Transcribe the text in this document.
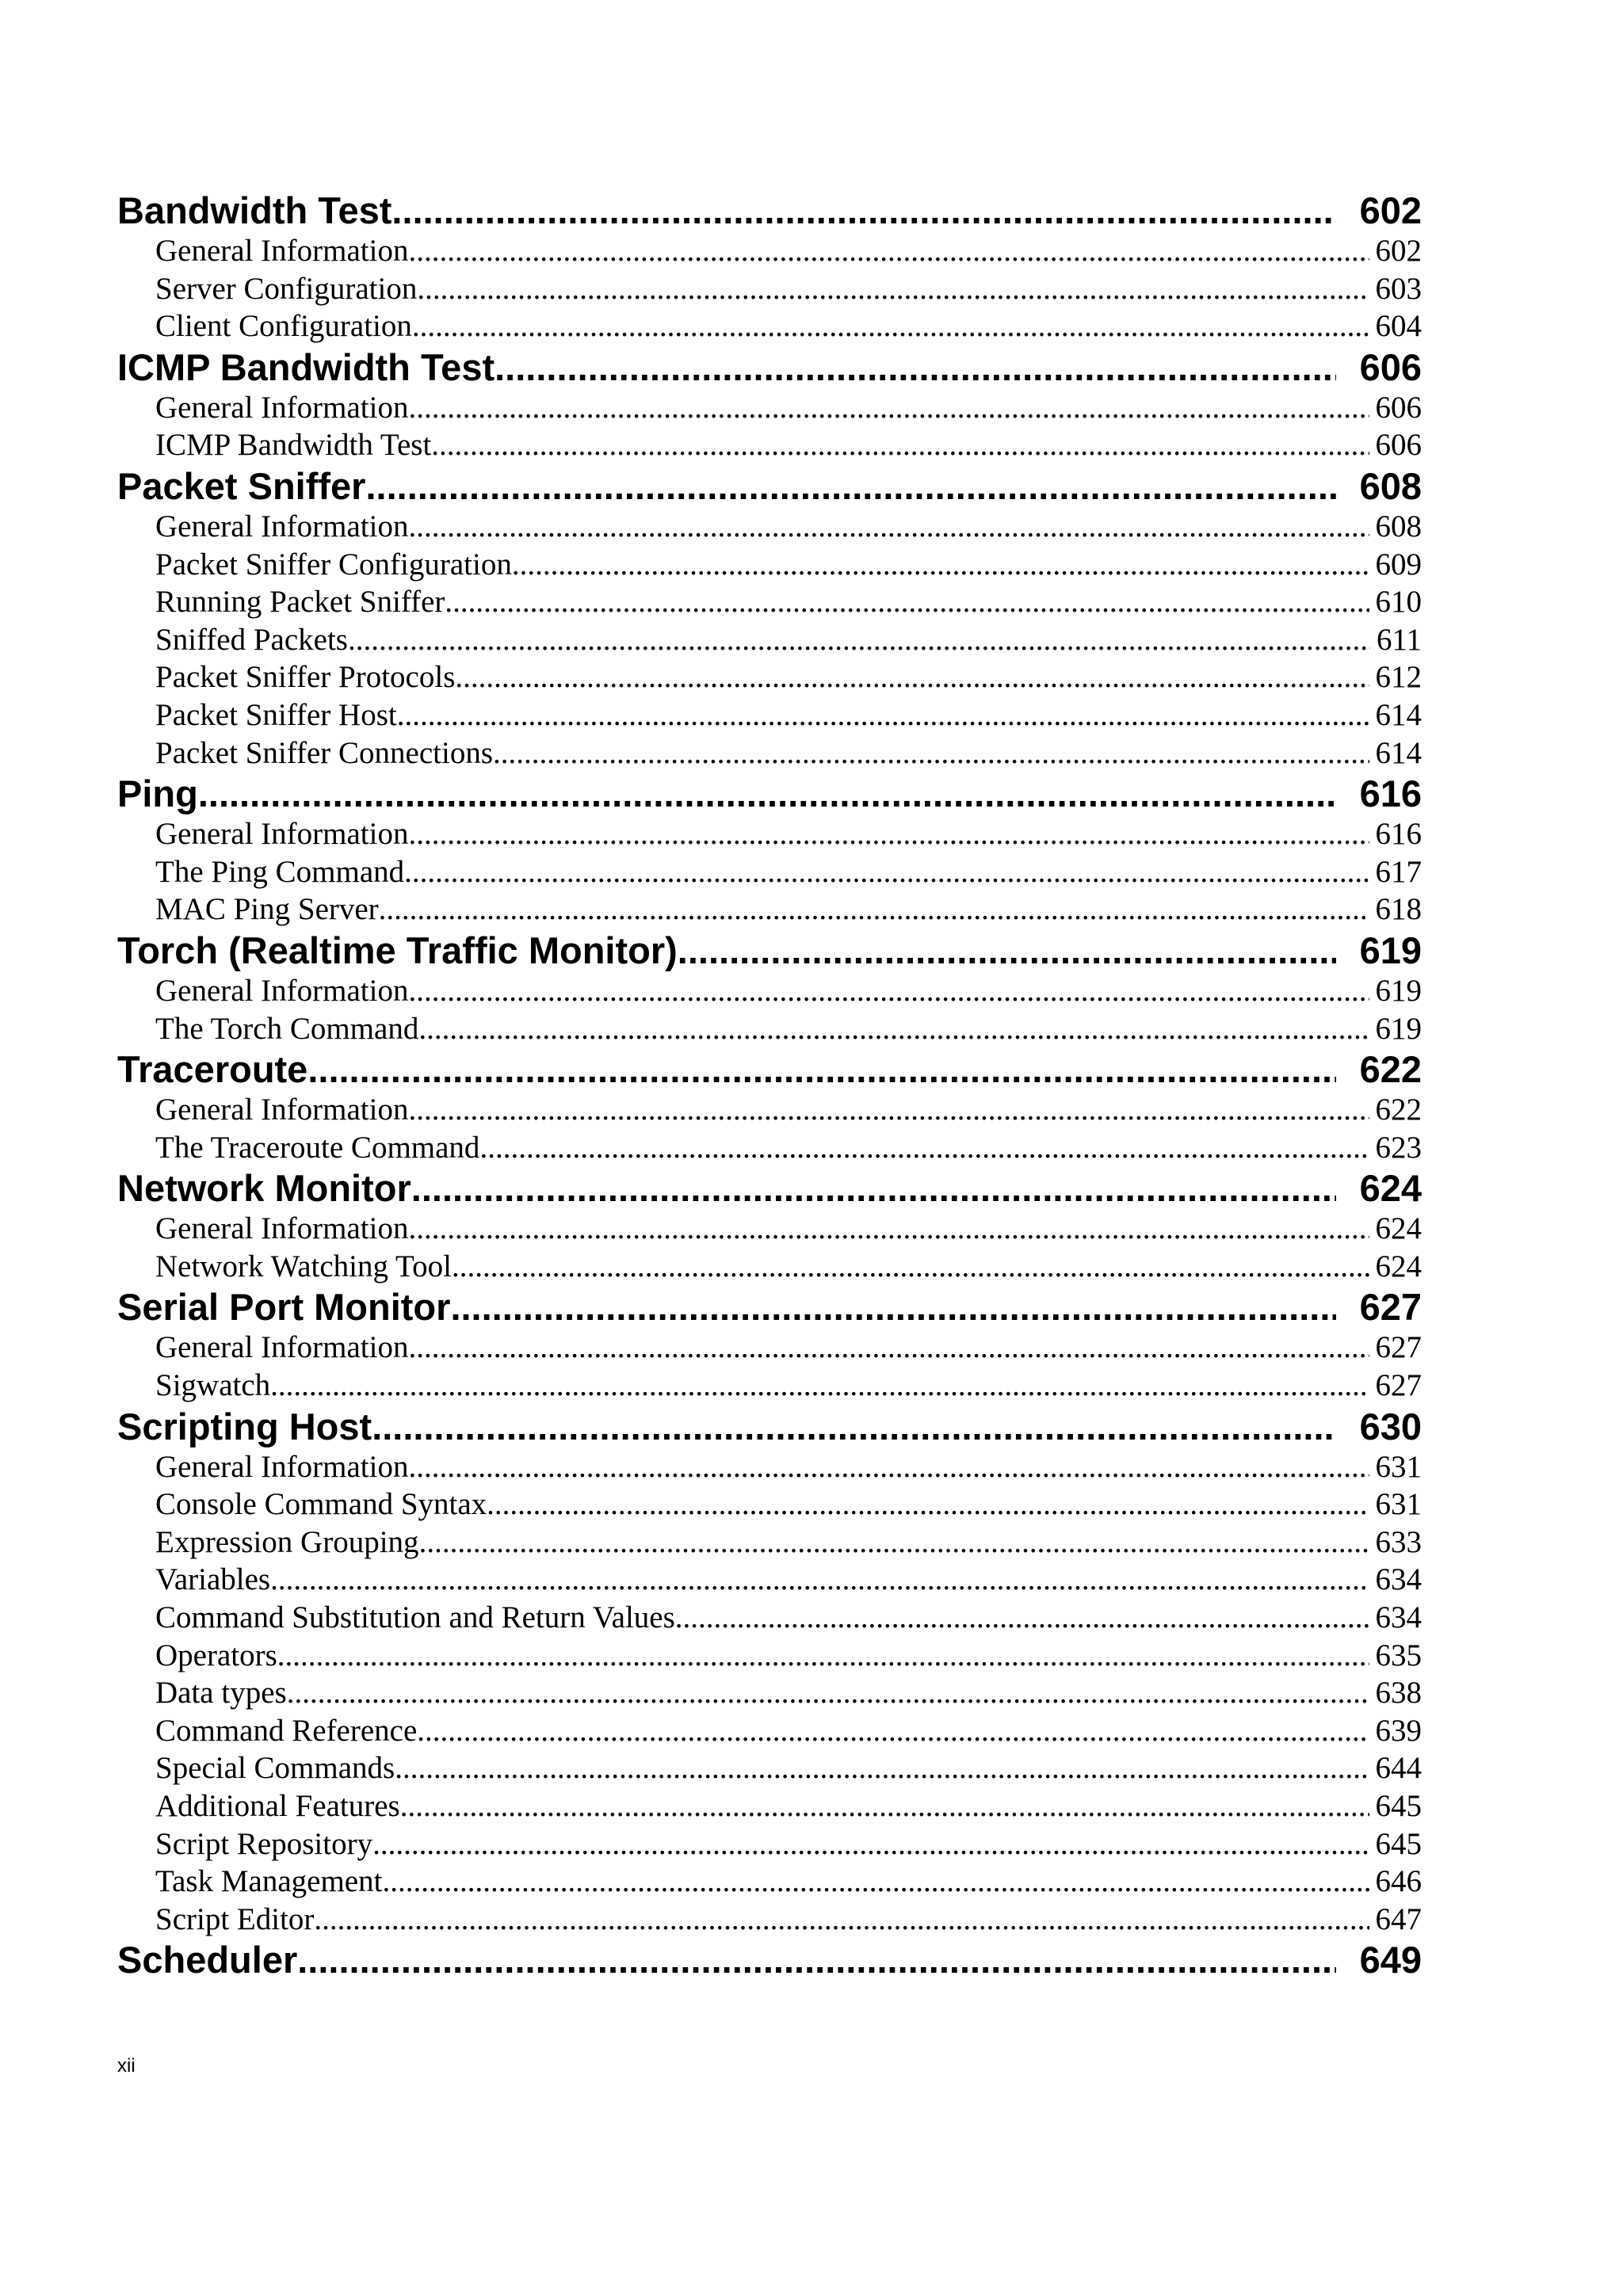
Bandwidth Test .....	602
General Information .....	602
Server Configuration .....	603
Client Configuration .....	604
ICMP Bandwidth Test .....	606
General Information .....	606
ICMP Bandwidth Test .....	606
Packet Sniffer .....	608
General Information .....	608
Packet Sniffer Configuration .....	609
Running Packet Sniffer .....	610
Sniffed Packets .....	611
Packet Sniffer Protocols .....	612
Packet Sniffer Host .....	614
Packet Sniffer Connections .....	614
Ping .....	616
General Information .....	616
The Ping Command .....	617
MAC Ping Server .....	618
Torch (Realtime Traffic Monitor) .....	619
General Information .....	619
The Torch Command .....	619
Traceroute .....	622
General Information .....	622
The Traceroute Command .....	623
Network Monitor .....	624
General Information .....	624
Network Watching Tool .....	624
Serial Port Monitor .....	627
General Information .....	627
Sigwatch .....	627
Scripting Host .....	630
General Information .....	631
Console Command Syntax .....	631
Expression Grouping .....	633
Variables .....	634
Command Substitution and Return Values .....	634
Operators .....	635
Data types .....	638
Command Reference .....	639
Special Commands .....	644
Additional Features .....	645
Script Repository .....	645
Task Management .....	646
Script Editor .....	647
Scheduler .....	649
xii
